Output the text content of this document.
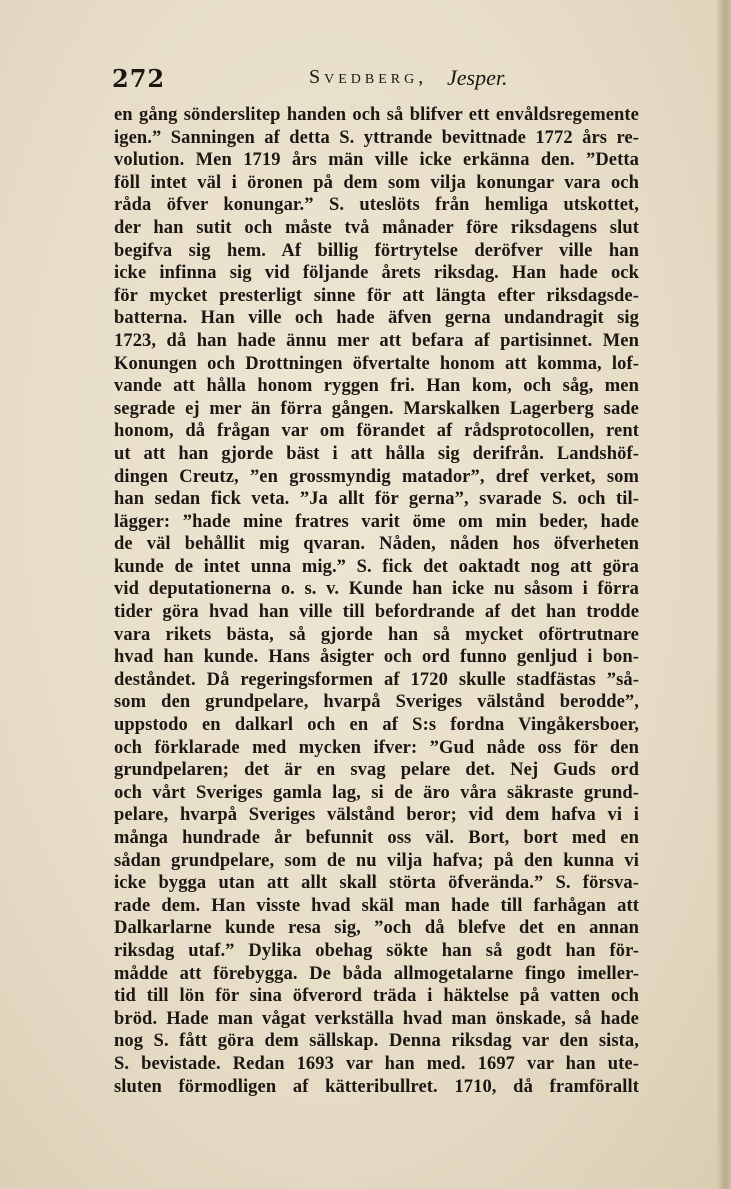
272	Svedberg, Jesper.
en gång sönderslitер handen och så blifver ett envåldsregemente
igen.” Sanningen af detta S. yttrande bevittnade 1772 års re-
volution. Men 1719 års män ville icke erkänna den. ”Detta
föll intet väl i öronen på dem som vilja konungar vara och
råda öfver konungar.” S. uteslöts från hemliga utskottet,
der han sutit och måste två månader före riksdagens slut
begifva sig hem. Af billig förtrytelse deröfver ville han
icke infinna sig vid följande årets riksdag. Han hade ock
för mycket presterligt sinne för att längta efter riksdagsde-
batterna. Han ville och hade äfven gerna undandragit sig
1723, då han hade ännu mer att befara af partisinnet. Men
Konungen och Drottningen öfvertalte honom att komma, lof-
vande att hålla honom ryggen fri. Han kom, och såg, men
segrade ej mer än förra gången. Marskalken Lagerberg sade
honom, då frågan var om förandet af rådsprotocollen, rent
ut att han gjorde bäst i att hålla sig derifrån. Landshöf-
dingen Creutz, ”en grossmyndig matador”, dref verket, som
han sedan fick veta. ”Ja allt för gerna”, svarade S. och til-
lägger: ”hade mine fratres varit öme om min beder, hade
de väl behållit mig qvaran. Nåden, nåden hos öfverheten
kunde de intet unna mig.” S. fick det oaktadt nog att göra
vid deputationerna o. s. v. Kunde han icke nu såsom i förra
tider göra hvad han ville till befordrande af det han trodde
vara rikets bästa, så gjorde han så mycket oförtrutnare
hvad han kunde. Hans åsigter och ord funno genljud i bon-
deståndet. Då regeringsformen af 1720 skulle stadfästas ”så-
som den grundpelare, hvarpå Sveriges välstånd berodde”,
uppstodo en dalkarl och en af S:s fordna Vingåkersboer,
och förklarade med mycken ifver: ”Gud nåde oss för den
grundpelaren; det är en svag pelare det. Nej Guds ord
och vårt Sveriges gamla lag, si de äro våra säkraste grund-
pelare, hvarpå Sveriges välstånd beror; vid dem hafva vi i
många hundrade år befunnit oss väl. Bort, bort med en
sådan grundpelare, som de nu vilja hafva; på den kunna vi
icke bygga utan att allt skall störta öfverända.” S. försva-
rade dem. Han visste hvad skäl man hade till farhågan att
Dalkarlarne kunde resa sig, ”och då blefve det en annan
riksdag utaf.” Dylika obehag sökte han så godt han för-
mådde att förebygga. De båda allmogetalarne fingo imeller-
tid till lön för sina öfverord träda i häktelse på vatten och
bröd. Hade man vågat verkställa hvad man önskade, så hade
nog S. fått göra dem sällskap. Denna riksdag var den sista,
S. bevistade. Redan 1693 var han med. 1697 var han ute-
sluten förmodligen af kätteribullret. 1710, då framförallt
